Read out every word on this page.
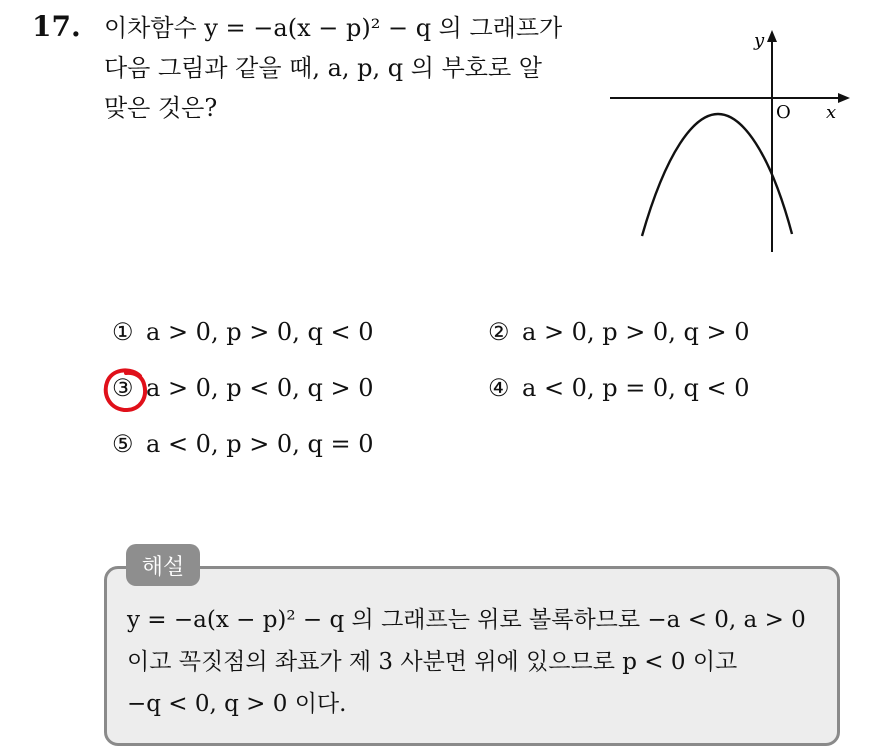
17. 이차함수 y = −a(x − p)² − q 의 그래프가
다음 그림과 같을 때, a, p, q 의 부호로 알
맞은 것은?
y
x
O
① a > 0, p > 0, q < 0	② a > 0, p > 0, q > 0
③ a > 0, p < 0, q > 0	④ a < 0, p = 0, q < 0
⑤ a < 0, p > 0, q = 0
해설
y = −a(x − p)² − q 의 그래프는 위로 볼록하므로 −a < 0, a > 0
이고 꼭짓점의 좌표가 제 3 사분면 위에 있으므로 p < 0 이고
−q < 0, q > 0 이다.
